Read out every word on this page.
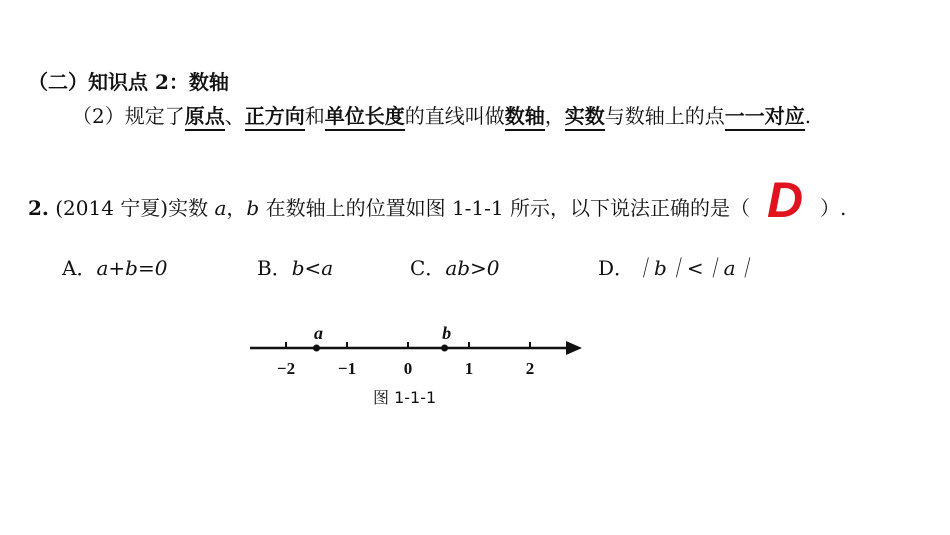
（二）知识点 2：数轴
（2）规定了原点、正方向和单位长度的直线叫做数轴，实数与数轴上的点一一对应.
2. (2014 宁夏)实数 a，b 在数轴上的位置如图 1-1-1 所示，以下说法正确的是（ D ）.
A．a+b=0	B．b<a	C．ab>0	D．｜b｜<｜a｜
−2	−1	0	1	2
a	b
图 1-1-1
